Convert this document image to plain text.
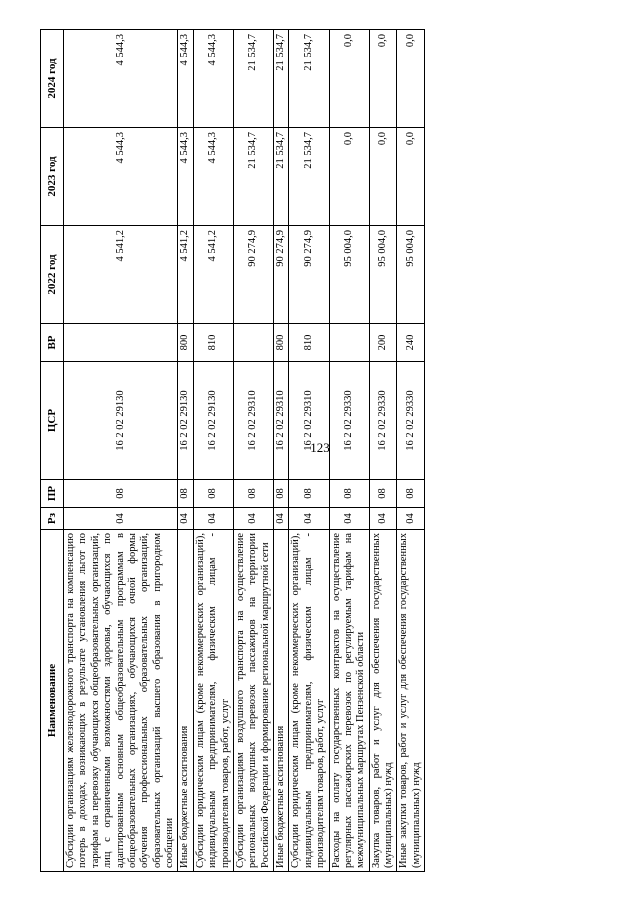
123
Наименование	Рз	ПР	ЦСР	ВР	2022 год	2023 год	2024 год
Субсидии организациям железнодорожного транспорта на компенсацию потерь в доходах, возникающих в результате установления льгот по тарифам на перевозку обучающихся общеобразовательных организаций, лиц с ограниченными возможностями здоровья, обучающихся по адаптированным основным общеобразовательным программам в общеобразовательных организациях, обучающихся очной формы обучения профессиональных образовательных организаций, образовательных организаций высшего образования в пригородном сообщении	04	08	16 2 02 29130		4 541,2	4 544,3	4 544,3
Иные бюджетные ассигнования	04	08	16 2 02 29130	800	4 541,2	4 544,3	4 544,3
Субсидии юридическим лицам (кроме некоммерческих организаций), индивидуальным предпринимателям, физическим лицам - производителям товаров, работ, услуг	04	08	16 2 02 29130	810	4 541,2	4 544,3	4 544,3
Субсидии организациям воздушного транспорта на осуществление региональных воздушных перевозок пассажиров на территории Российской Федерации и формирование региональной маршрутной сети	04	08	16 2 02 29310		90 274,9	21 534,7	21 534,7
Иные бюджетные ассигнования	04	08	16 2 02 29310	800	90 274,9	21 534,7	21 534,7
Субсидии юридическим лицам (кроме некоммерческих организаций), индивидуальным предпринимателям, физическим лицам - производителям товаров, работ, услуг	04	08	16 2 02 29310	810	90 274,9	21 534,7	21 534,7
Расходы на оплату государственных контрактов на осуществление регулярных пассажирских перевозок по регулируемым тарифам на межмуниципальных маршрутах Пензенской области	04	08	16 2 02 29330		95 004,0	0,0	0,0
Закупка товаров, работ и услуг для обеспечения государственных (муниципальных) нужд	04	08	16 2 02 29330	200	95 004,0	0,0	0,0
Иные закупки товаров, работ и услуг для обеспечения государственных (муниципальных) нужд	04	08	16 2 02 29330	240	95 004,0	0,0	0,0
